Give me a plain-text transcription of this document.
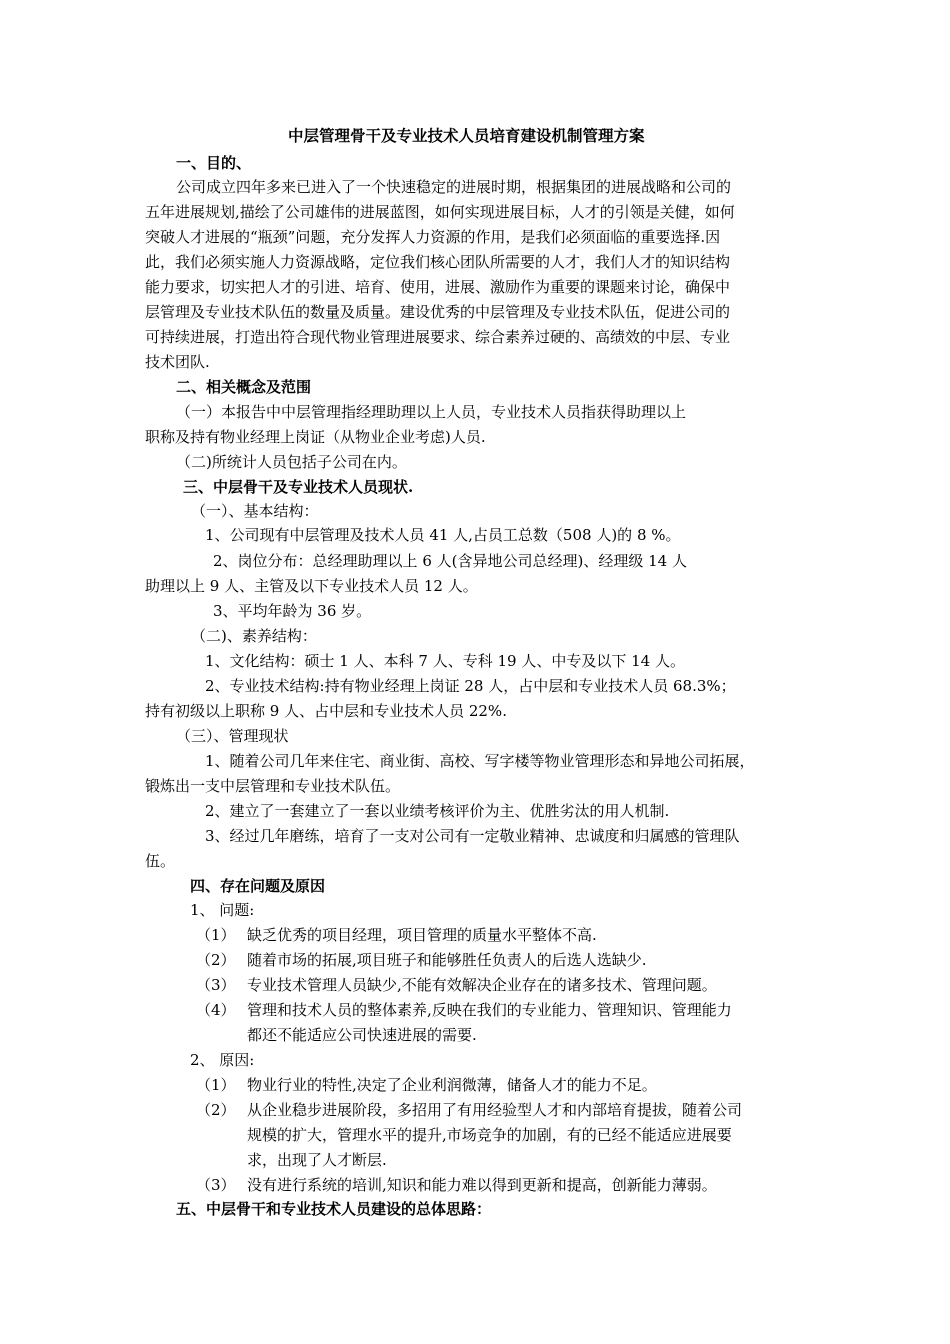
中层管理骨干及专业技术人员培育建设机制管理方案
一、目的、
公司成立四年多来已进入了一个快速稳定的进展时期，根据集团的进展战略和公司的
五年进展规划,描绘了公司雄伟的进展蓝图，如何实现进展目标，人才的引领是关健，如何
突破人才进展的“瓶颈”问题，充分发挥人力资源的作用，是我们必须面临的重要选择.因
此，我们必须实施人力资源战略，定位我们核心团队所需要的人才，我们人才的知识结构
能力要求，切实把人才的引进、培育、使用，进展、激励作为重要的课题来讨论，确保中
层管理及专业技术队伍的数量及质量。建设优秀的中层管理及专业技术队伍，促进公司的
可持续进展，打造出符合现代物业管理进展要求、综合素养过硬的、高绩效的中层、专业
技术团队.
二、相关概念及范围
（一）本报告中中层管理指经理助理以上人员，专业技术人员指获得助理以上
职称及持有物业经理上岗证（从物业企业考虑)人员.
（二)所统计人员包括子公司在内。
三、中层骨干及专业技术人员现状.
（一）、基本结构：
1、公司现有中层管理及技术人员 41 人,占员工总数（508 人)的 8 %。
2、岗位分布：总经理助理以上 6 人(含异地公司总经理)、经理级 14 人
助理以上 9 人、主管及以下专业技术人员 12 人。
3、平均年龄为 36 岁。
（二)、素养结构：
1、文化结构：硕士 1 人、本科 7 人、专科 19 人、中专及以下 14 人。
2、专业技术结构:持有物业经理上岗证 28 人，占中层和专业技术人员 68.3%；
持有初级以上职称 9 人、占中层和专业技术人员 22%.
（三）、管理现状
1、随着公司几年来住宅、商业街、高校、写字楼等物业管理形态和异地公司拓展，
锻炼出一支中层管理和专业技术队伍。
2、建立了一套建立了一套以业绩考核评价为主、优胜劣汰的用人机制.
3、经过几年磨练，培育了一支对公司有一定敬业精神、忠诚度和归属感的管理队
伍。
四、存在问题及原因
1、 问题:
（1） 缺乏优秀的项目经理，项目管理的质量水平整体不高.
（2） 随着市场的拓展,项目班子和能够胜任负责人的后选人选缺少.
（3） 专业技术管理人员缺少,不能有效解决企业存在的诸多技术、管理问题。
（4） 管理和技术人员的整体素养,反映在我们的专业能力、管理知识、管理能力
都还不能适应公司快速进展的需要.
2、 原因:
（1） 物业行业的特性,决定了企业利润微薄，储备人才的能力不足。
（2） 从企业稳步进展阶段，多招用了有用经验型人才和内部培育提拔，随着公司
规模的扩大，管理水平的提升,市场竞争的加剧，有的已经不能适应进展要
求，出现了人才断层.
（3） 没有进行系统的培训,知识和能力难以得到更新和提高，创新能力薄弱。
五、中层骨干和专业技术人员建设的总体思路：
